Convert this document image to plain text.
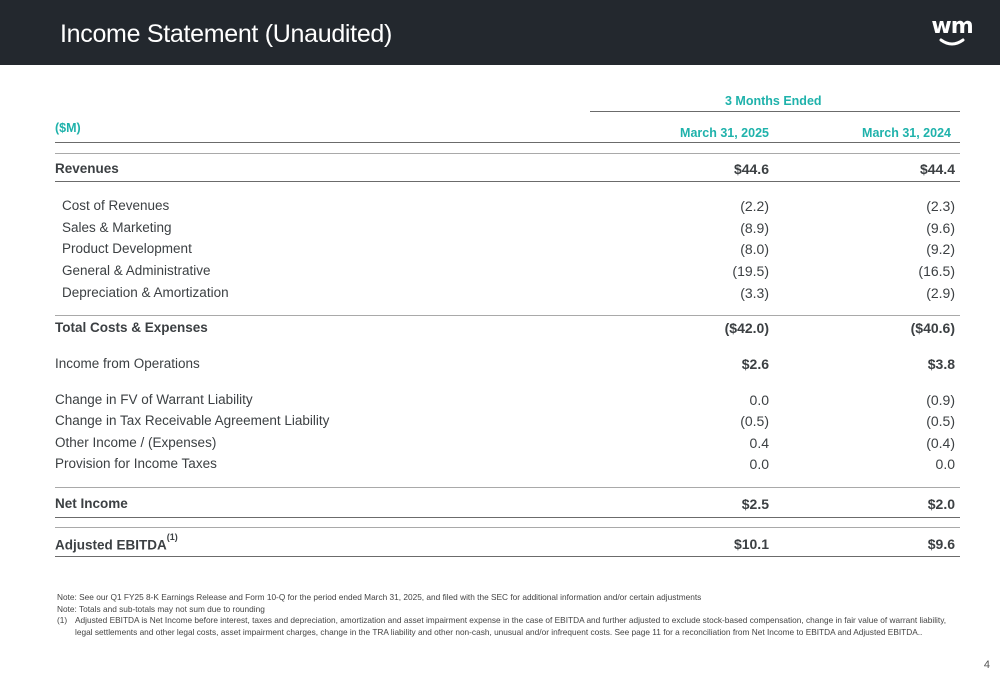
Income Statement (Unaudited)	wm
3 Months Ended
($M)	March 31, 2025	March 31, 2024
Revenues	$44.6	$44.4
Cost of Revenues	(2.2)	(2.3)
Sales & Marketing	(8.9)	(9.6)
Product Development	(8.0)	(9.2)
General & Administrative	(19.5)	(16.5)
Depreciation & Amortization	(3.3)	(2.9)
Total Costs & Expenses	($42.0)	($40.6)
Income from Operations	$2.6	$3.8
Change in FV of Warrant Liability	0.0	(0.9)
Change in Tax Receivable Agreement Liability	(0.5)	(0.5)
Other Income / (Expenses)	0.4	(0.4)
Provision for Income Taxes	0.0	0.0
Net Income	$2.5	$2.0
Adjusted EBITDA$^{(1)}$	$10.1	$9.6
Note: See our Q1 FY25 8-K Earnings Release and Form 10-Q for the period ended March 31, 2025, and filed with the SEC for additional information and/or certain adjustments
Note: Totals and sub-totals may not sum due to rounding
(1) Adjusted EBITDA is Net Income before interest, taxes and depreciation, amortization and asset impairment expense in the case of EBITDA and further adjusted to exclude stock-based compensation, change in fair value of warrant liability, legal settlements and other legal costs, asset impairment charges, change in the TRA liability and other non-cash, unusual and/or infrequent costs. See page 11 for a reconciliation from Net Income to EBITDA and Adjusted EBITDA..
4
